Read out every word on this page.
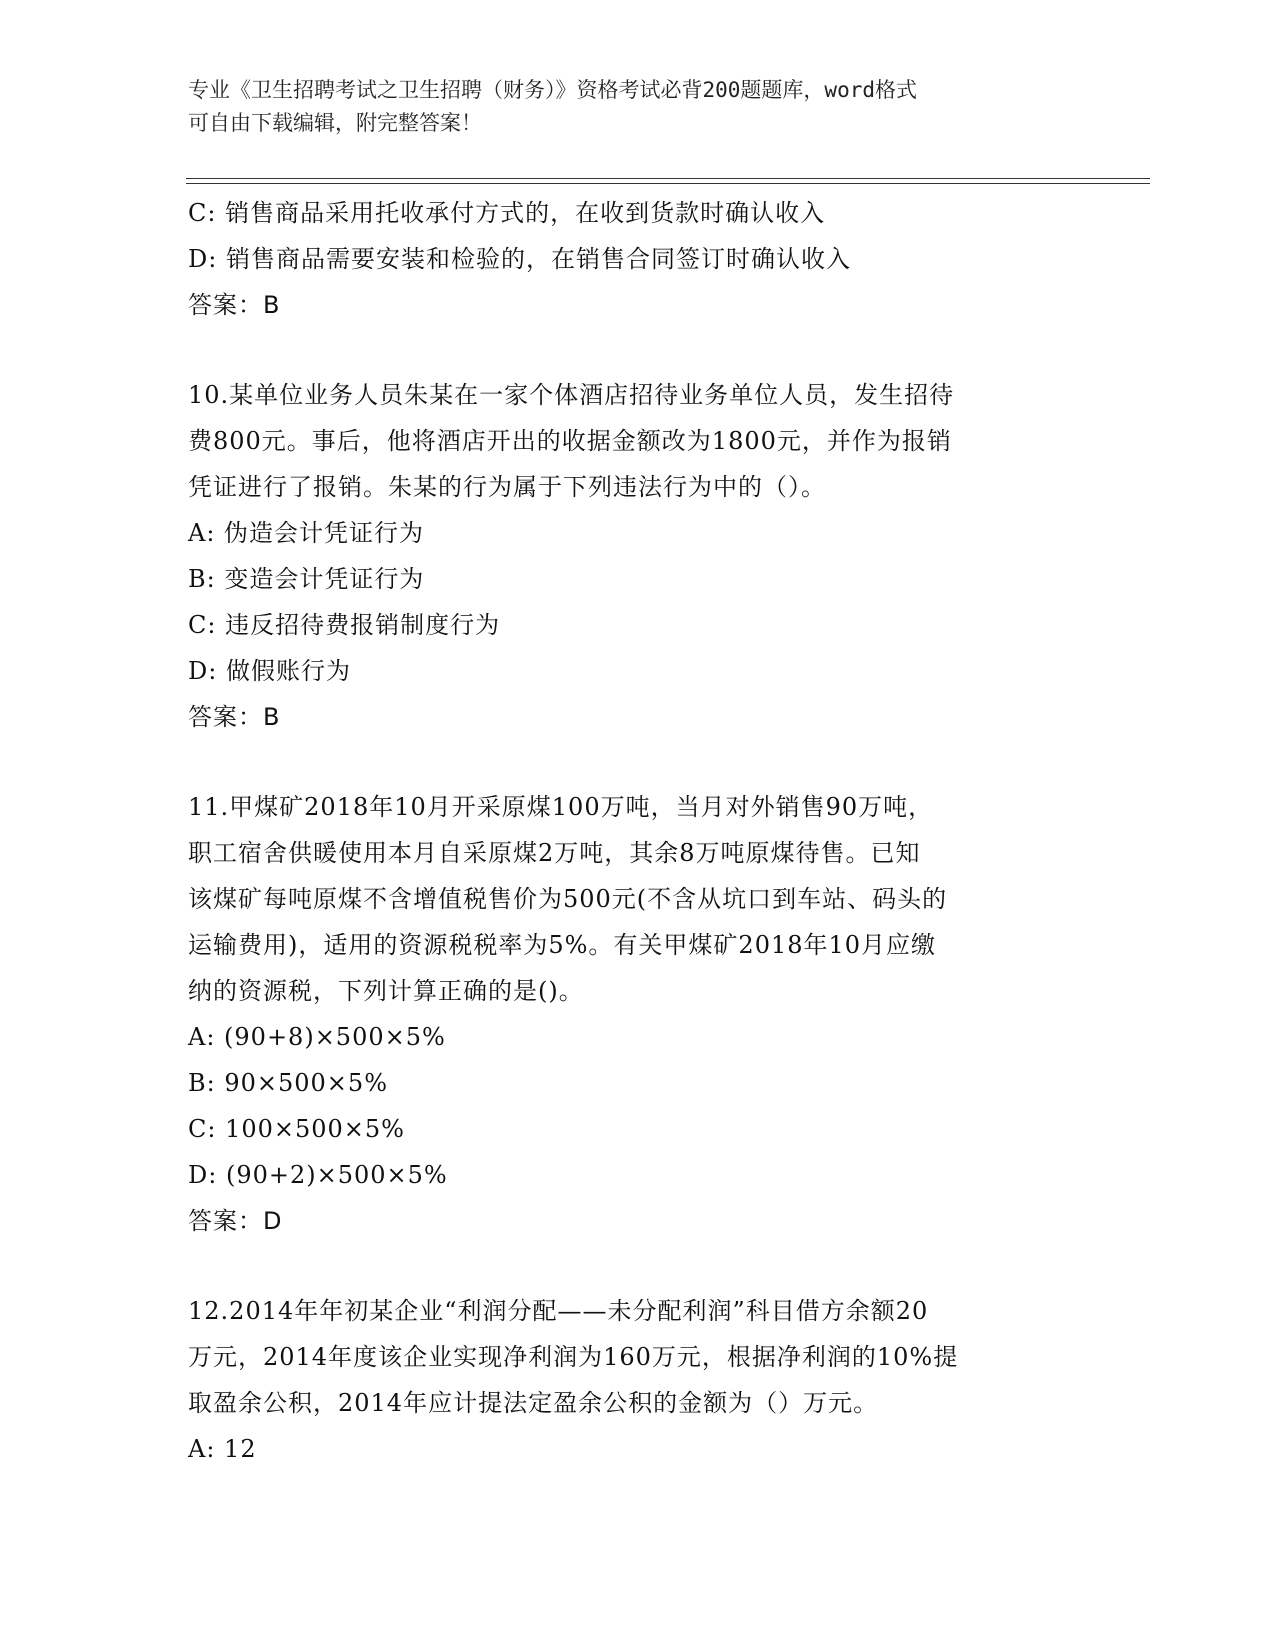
专业《卫生招聘考试之卫生招聘（财务）》资格考试必背200题题库，word格式
可自由下载编辑，附完整答案！
C: 销售商品采用托收承付方式的，在收到货款时确认收入
D: 销售商品需要安装和检验的，在销售合同签订时确认收入
答案：B
10.某单位业务人员朱某在一家个体酒店招待业务单位人员，发生招待
费800元。事后，他将酒店开出的收据金额改为1800元，并作为报销
凭证进行了报销。朱某的行为属于下列违法行为中的（）。
A: 伪造会计凭证行为
B: 变造会计凭证行为
C: 违反招待费报销制度行为
D: 做假账行为
答案：B
11.甲煤矿2018年10月开采原煤100万吨，当月对外销售90万吨，
职工宿舍供暖使用本月自采原煤2万吨，其余8万吨原煤待售。已知
该煤矿每吨原煤不含增值税售价为500元(不含从坑口到车站、码头的
运输费用)，适用的资源税税率为5%。有关甲煤矿2018年10月应缴
纳的资源税，下列计算正确的是()。
A: (90+8)×500×5%
B: 90×500×5%
C: 100×500×5%
D: (90+2)×500×5%
答案：D
12.2014年年初某企业“利润分配——未分配利润”科目借方余额20
万元，2014年度该企业实现净利润为160万元，根据净利润的10%提
取盈余公积，2014年应计提法定盈余公积的金额为（）万元。
A: 12
